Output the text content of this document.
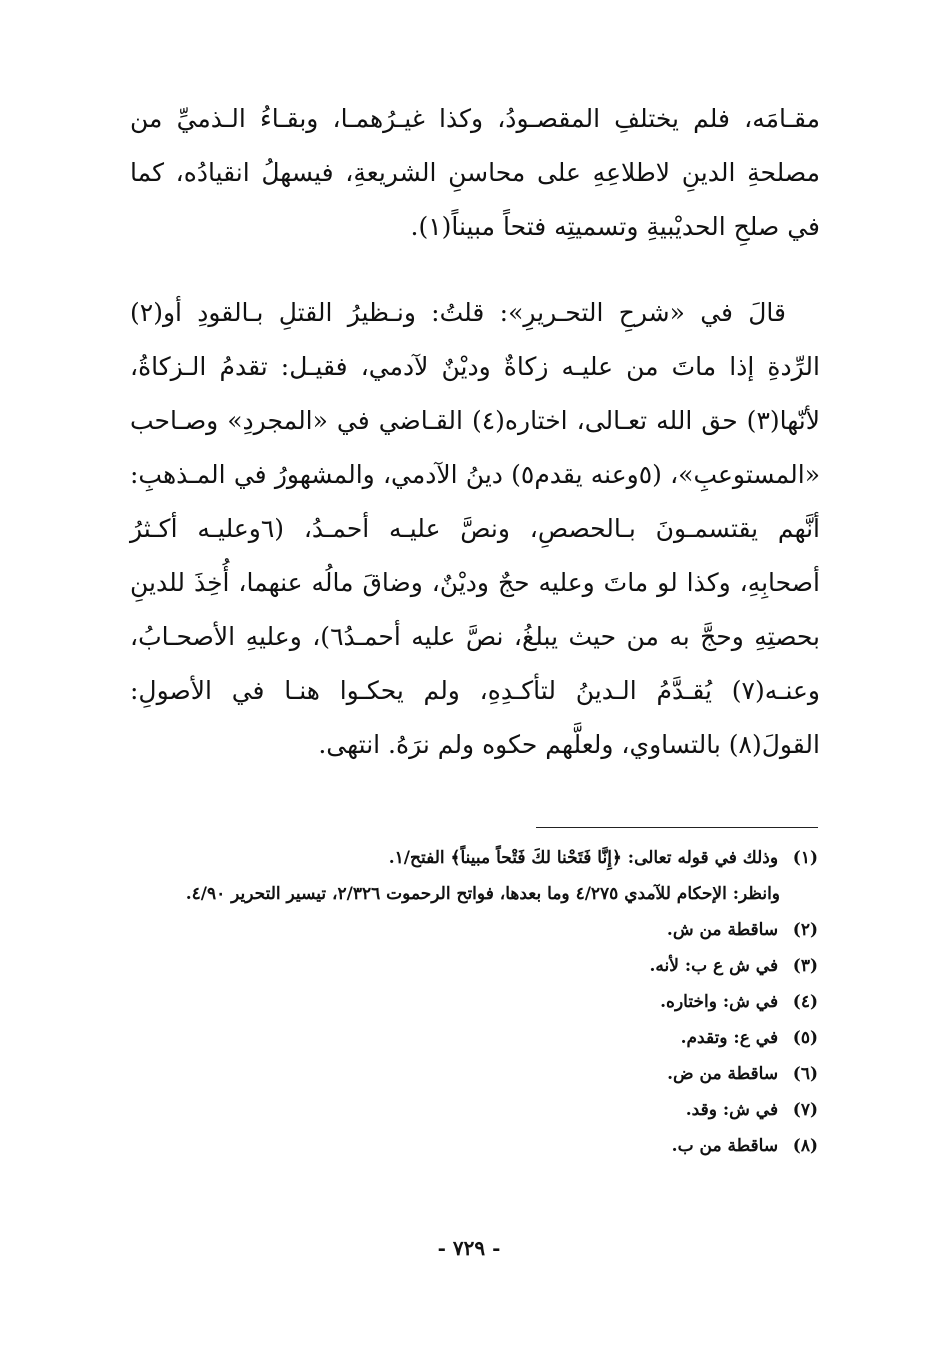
مقـامَه، فلم يختلفِ المقصـودُ، وكذا غيـرُهمـا، وبقـاءُ الـذميِّ من مصلحةِ الدينِ لاطلاعِهِ على محاسنِ الشريعةِ، فيسهلُ انقيادُه، كما في صلحِ الحديْبيةِ وتسميتِه فتحاً مبيناً(١).
قالَ في «شرحِ التحـريرِ»: قلتُ: ونـظيرُ القتلِ بـالقودِ أو(٢) الرِّدةِ إذا ماتَ من عليـه زكاةٌ وديْنٌ لآدمي، فقيـل: تقدمُ الـزكاةُ، لأنّها(٣) حق الله تعـالى، اختاره(٤) القـاضي في «المجردِ» وصـاحب «المستوعبِ»، (٥وعنه يقدم٥) دينُ الآدمي، والمشهورُ في المـذهبِ: أنَّهم يقتسمـونَ بـالحصصِ، ونصَّ عليـه أحمـدُ، (٦وعليـه أكـثرُ أصحابِهِ، وكذا لو ماتَ وعليه حجٌ وديْنٌ، وضاقَ مالُه عنهما، أُخِذَ للدينِ بحصتِهِ وحجَّ به من حيث يبلغُ، نصَّ عليه أحمـدُ٦)، وعليهِ الأصحـابُ، وعنـه(٧) يُقـدَّمُ الـدينُ لتأكـدِهِ، ولم يحكـوا هنـا في الأصولِ: القولَ(٨) بالتساوي، ولعلَّهم حكوه ولم نرَهُ. انتهى.
(١) وذلك في قوله تعالى: ﴿إِنَّا فَتَحْنا لكَ فَتْحاً مبيناً﴾ الفتح/١.
وانظر: الإحكام للآمدي ٤/٢٧٥ وما بعدها، فواتح الرحموت ٢/٣٢٦، تيسير التحرير ٤/٩٠.
(٢) ساقطة من ش.
(٣) في ش ع ب: لأنه.
(٤) في ش: واختاره.
(٥) في ع: وتقدم.
(٦) ساقطة من ض.
(٧) في ش: وقد.
(٨) ساقطة من ب.
- ٧٢٩ -
